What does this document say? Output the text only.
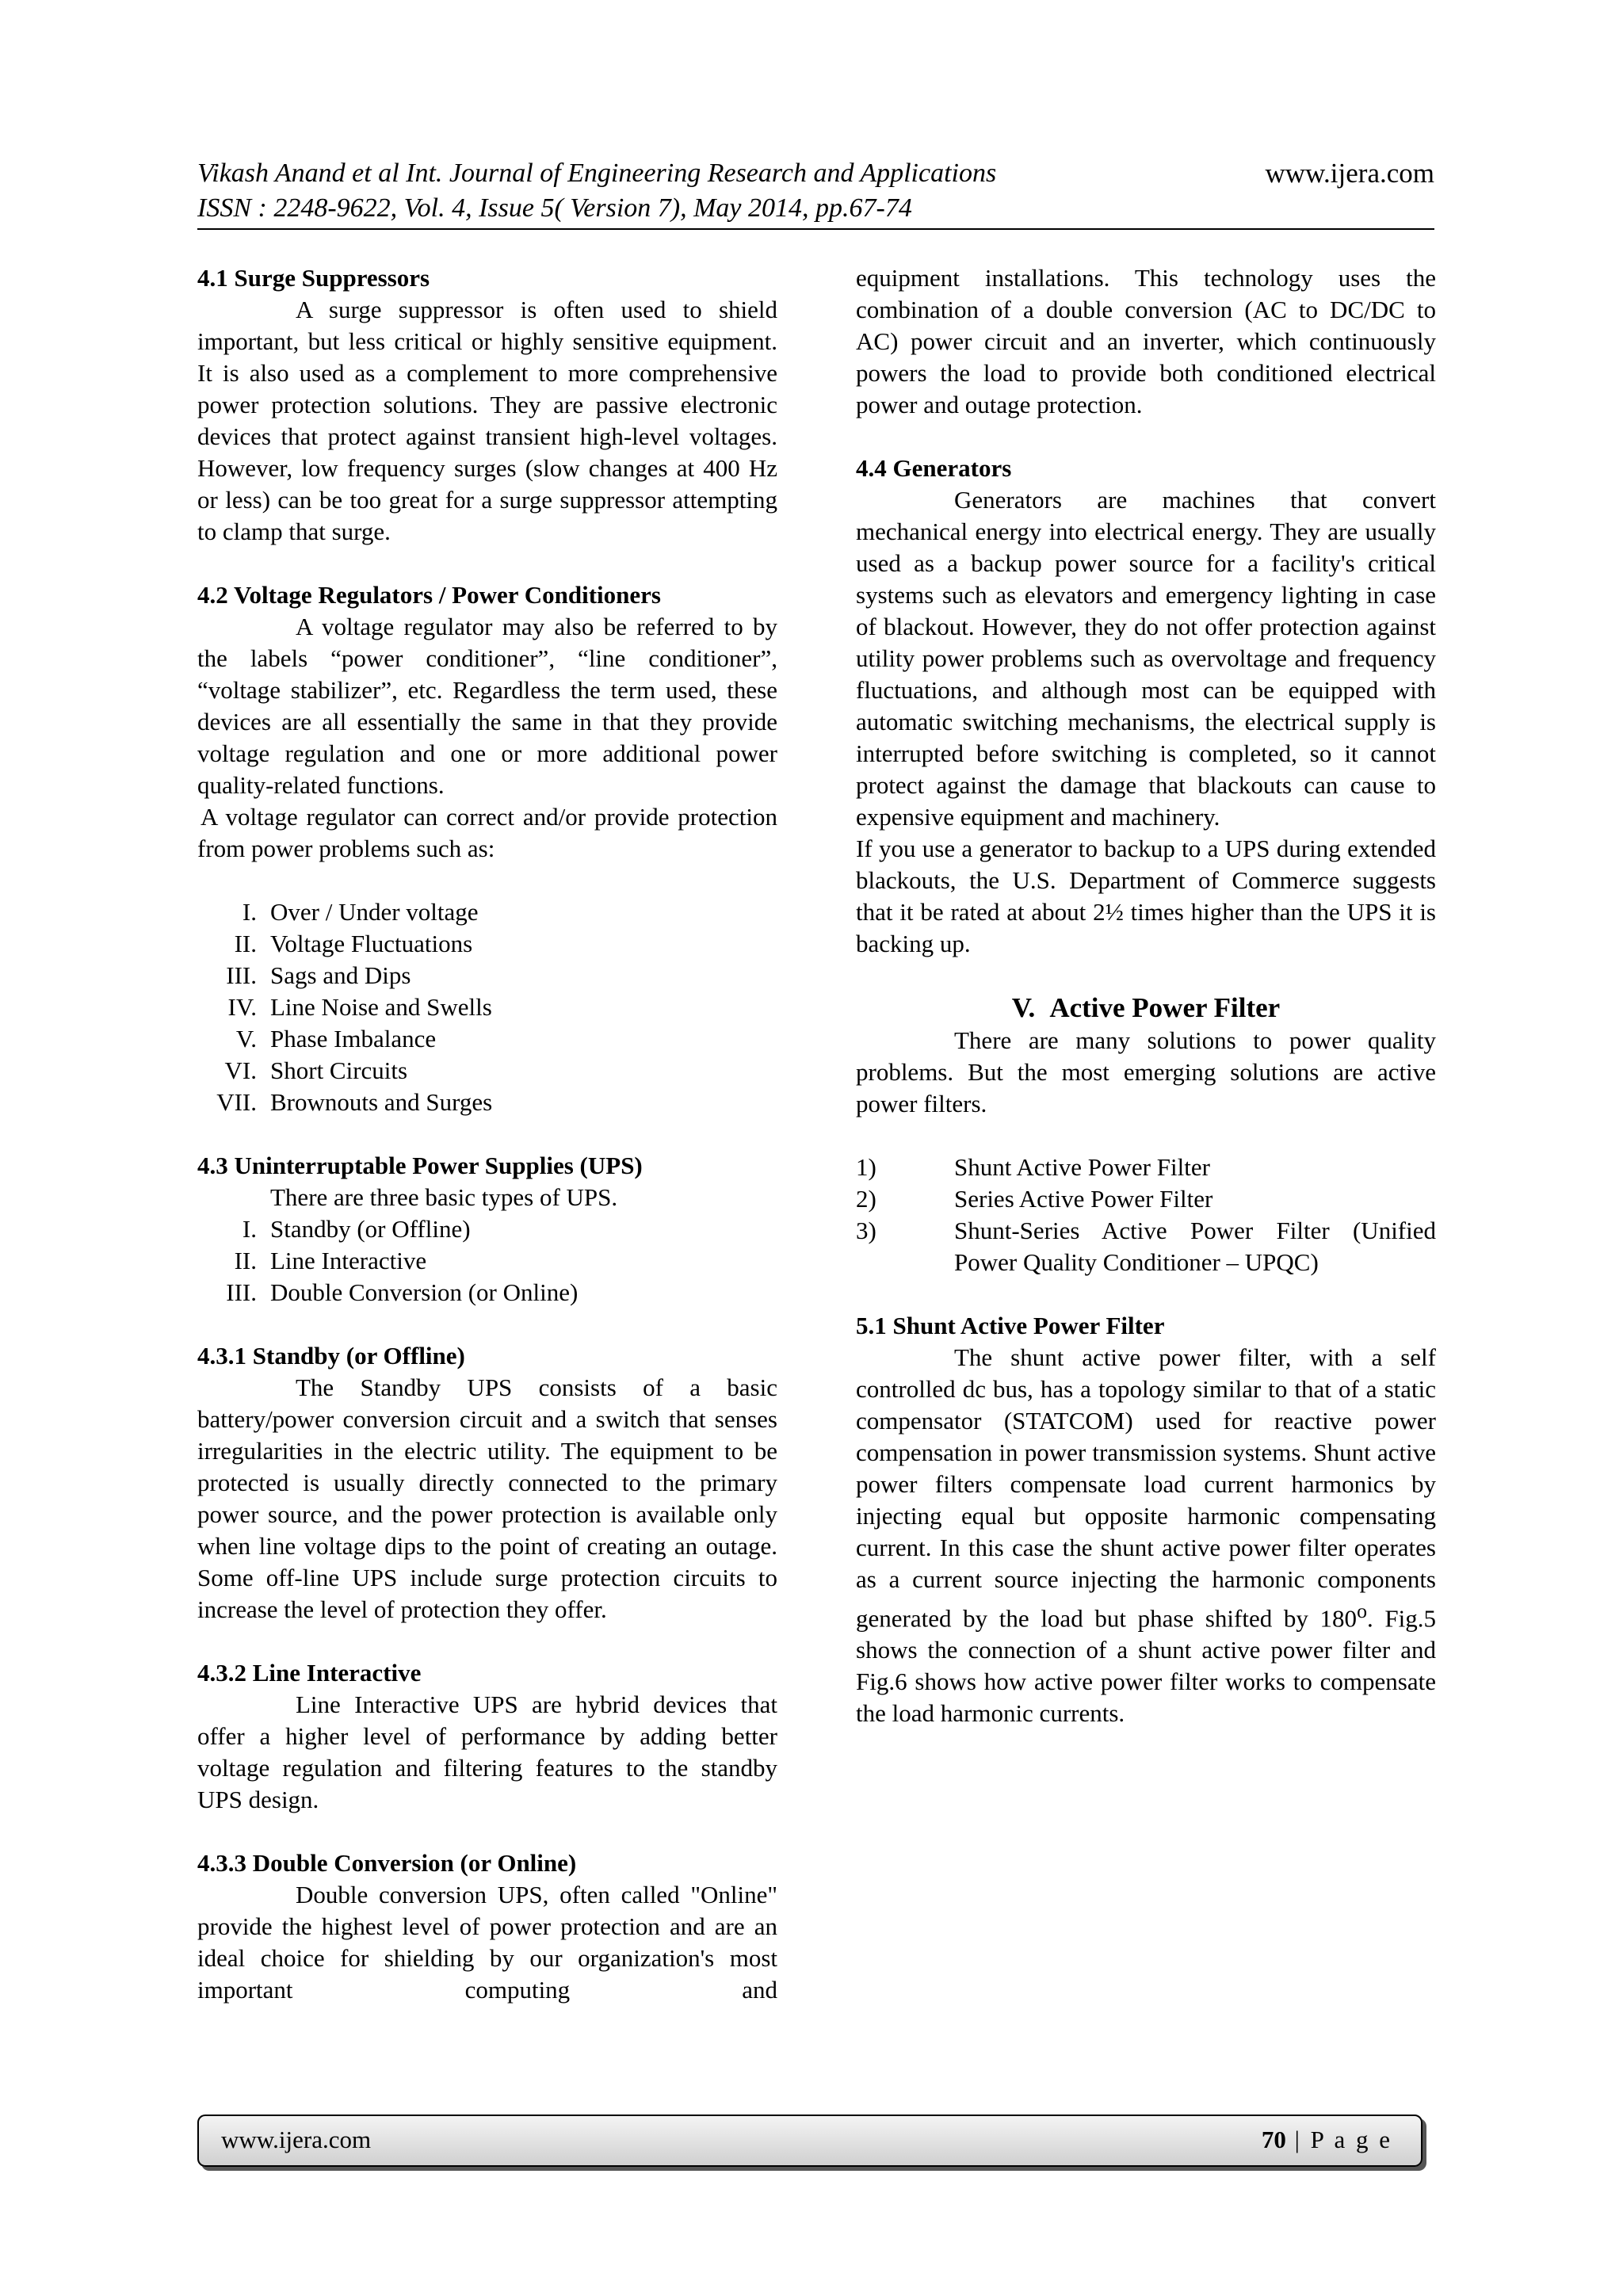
Vikash Anand et al Int. Journal of Engineering Research and Applications	www.ijera.com
ISSN : 2248-9622, Vol. 4, Issue 5( Version 7), May 2014, pp.67-74

4.1 Surge Suppressors

A surge suppressor is often used to shield important, but less critical or highly sensitive equipment. It is also used as a complement to more comprehensive power protection solutions. They are passive electronic devices that protect against transient high-level voltages. However, low frequency surges (slow changes at 400 Hz or less) can be too great for a surge suppressor attempting to clamp that surge.

4.2 Voltage Regulators / Power Conditioners

A voltage regulator may also be referred to by the labels “power conditioner”, “line conditioner”, “voltage stabilizer”, etc. Regardless the term used, these devices are all essentially the same in that they provide voltage regulation and one or more additional power quality-related functions.

A voltage regulator can correct and/or provide protection from power problems such as:

I. Over / Under voltage
II. Voltage Fluctuations
III. Sags and Dips
IV. Line Noise and Swells
V. Phase Imbalance
VI. Short Circuits
VII. Brownouts and Surges

4.3 Uninterruptable Power Supplies (UPS)

There are three basic types of UPS.

I. Standby (or Offline)
II. Line Interactive
III. Double Conversion (or Online)

4.3.1 Standby (or Offline)

The Standby UPS consists of a basic battery/power conversion circuit and a switch that senses irregularities in the electric utility. The equipment to be protected is usually directly connected to the primary power source, and the power protection is available only when line voltage dips to the point of creating an outage. Some off-line UPS include surge protection circuits to increase the level of protection they offer.

4.3.2 Line Interactive

Line Interactive UPS are hybrid devices that offer a higher level of performance by adding better voltage regulation and filtering features to the standby UPS design.

4.3.3 Double Conversion (or Online)

Double conversion UPS, often called "Online" provide the highest level of power protection and are an ideal choice for shielding by our organization's most important computing and

equipment installations. This technology uses the combination of a double conversion (AC to DC/DC to AC) power circuit and an inverter, which continuously powers the load to provide both conditioned electrical power and outage protection.

4.4 Generators

Generators are machines that convert mechanical energy into electrical energy. They are usually used as a backup power source for a facility's critical systems such as elevators and emergency lighting in case of blackout. However, they do not offer protection against utility power problems such as overvoltage and frequency fluctuations, and although most can be equipped with automatic switching mechanisms, the electrical supply is interrupted before switching is completed, so it cannot protect against the damage that blackouts can cause to expensive equipment and machinery.

If you use a generator to backup to a UPS during extended blackouts, the U.S. Department of Commerce suggests that it be rated at about 2½ times higher than the UPS it is backing up.

V. Active Power Filter

There are many solutions to power quality problems. But the most emerging solutions are active power filters.

1)	Shunt Active Power Filter
2)	Series Active Power Filter
3)	Shunt-Series Active Power Filter (Unified Power Quality Conditioner – UPQC)

5.1 Shunt Active Power Filter

The shunt active power filter, with a self controlled dc bus, has a topology similar to that of a static compensator (STATCOM) used for reactive power compensation in power transmission systems. Shunt active power filters compensate load current harmonics by injecting equal but opposite harmonic compensating current. In this case the shunt active power filter operates as a current source injecting the harmonic components generated by the load but phase shifted by 180$^o$. Fig.5 shows the connection of a shunt active power filter and Fig.6 shows how active power filter works to compensate the load harmonic currents.

www.ijera.com	70 | P a g e
